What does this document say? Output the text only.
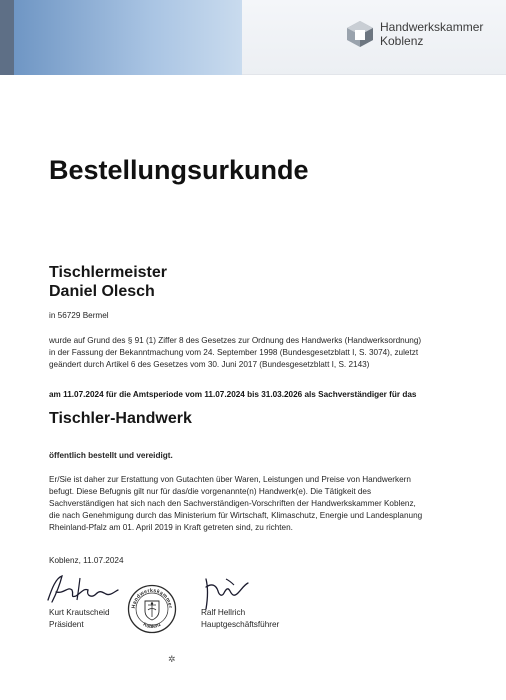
Handwerkskammer
Koblenz
Bestellungsurkunde
Tischlermeister
Daniel Olesch
in 56729 Bermel
wurde auf Grund des § 91 (1) Ziffer 8 des Gesetzes zur Ordnung des Handwerks (Handwerksordnung)
in der Fassung der Bekanntmachung vom 24. September 1998 (Bundesgesetzblatt I, S. 3074), zuletzt
geändert durch Artikel 6 des Gesetzes vom 30. Juni 2017 (Bundesgesetzblatt I, S. 2143)
am 11.07.2024 für die Amtsperiode vom 11.07.2024 bis 31.03.2026 als Sachverständiger für das
Tischler-Handwerk
öffentlich bestellt und vereidigt.
Er/Sie ist daher zur Erstattung von Gutachten über Waren, Leistungen und Preise von Handwerkern
befugt. Diese Befugnis gilt nur für das/die vorgenannte(n) Handwerk(e). Die Tätigkeit des
Sachverständigen hat sich nach den Sachverständigen-Vorschriften der Handwerkskammer Koblenz,
die nach Genehmigung durch das Ministerium für Wirtschaft, Klimaschutz, Energie und Landesplanung
Rheinland-Pfalz am 01. April 2019 in Kraft getreten sind, zu richten.
Koblenz, 11.07.2024
Kurt Krautscheid
Präsident
Handwerkskammer
Koblenz
Ralf Hellrich
Hauptgeschäftsführer
✲
